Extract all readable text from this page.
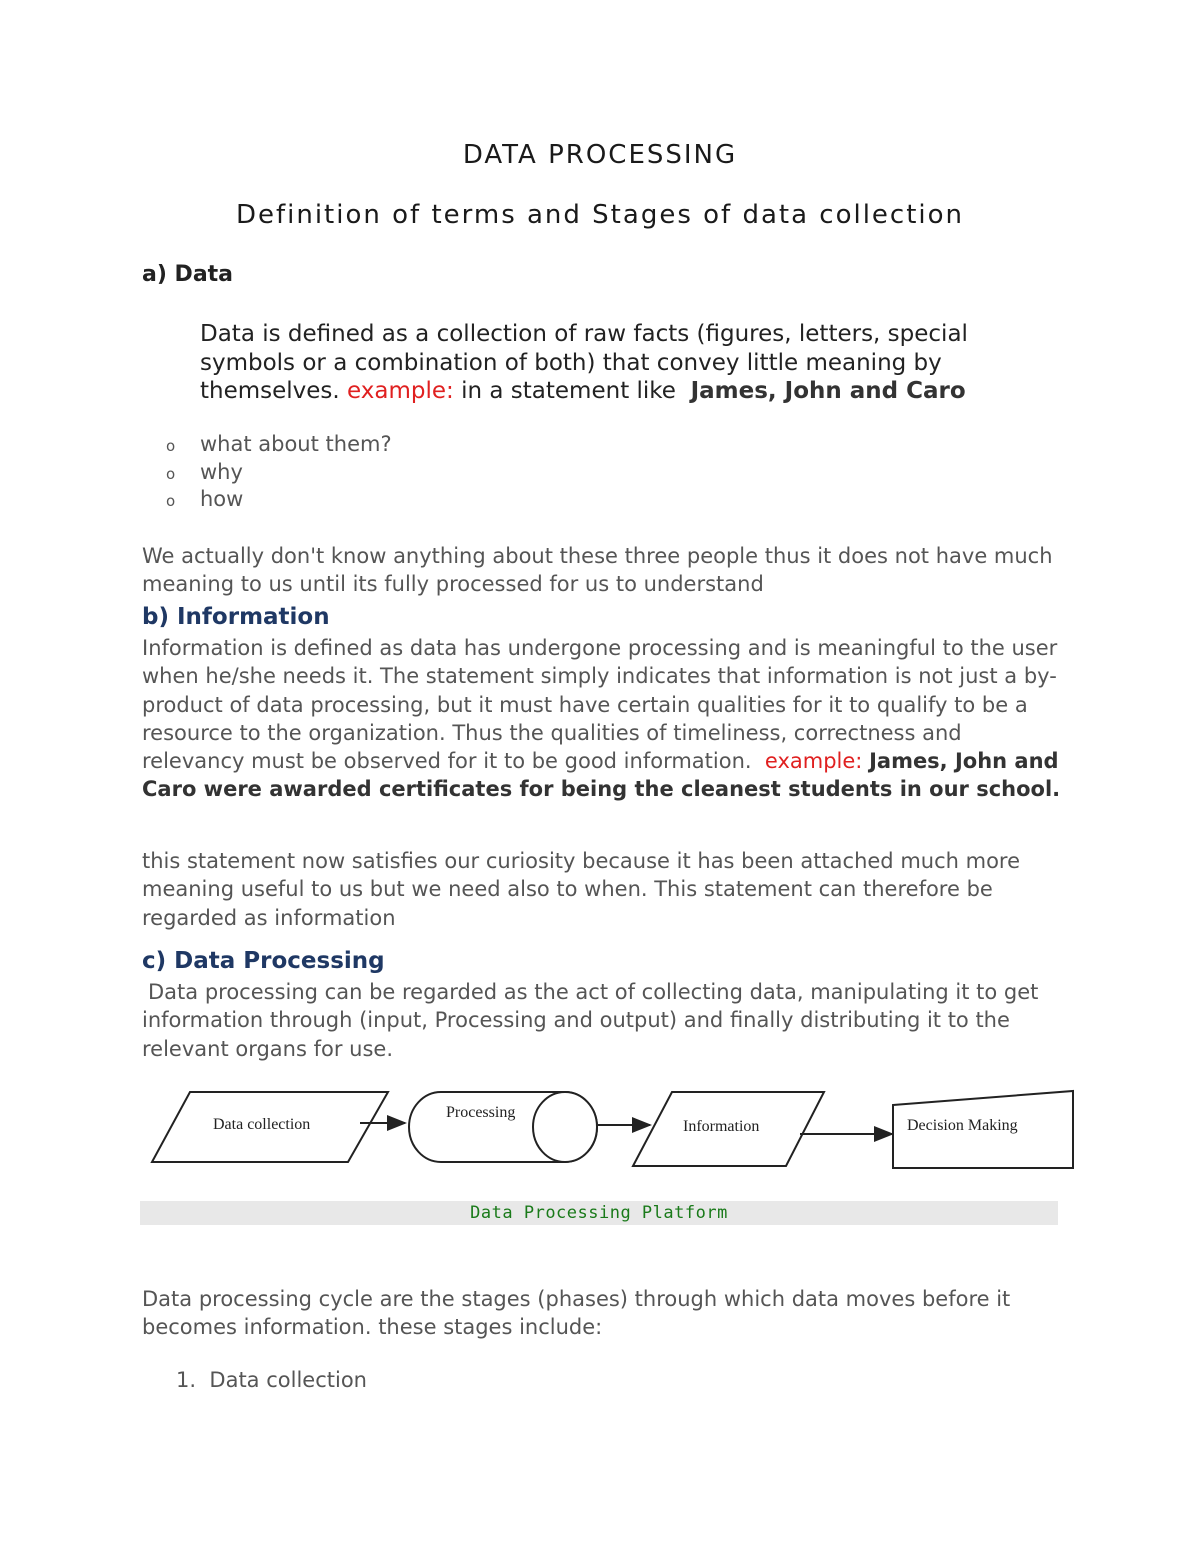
DATA PROCESSING
Definition of terms and Stages of data collection
a) Data
Data is defined as a collection of raw facts (figures, letters, special symbols or a combination of both) that convey little meaning by themselves. example: in a statement like James, John and Caro
o what about them?
o why
o how
We actually don't know anything about these three people thus it does not have much meaning to us until its fully processed for us to understand
b) Information
Information is defined as data has undergone processing and is meaningful to the user when he/she needs it. The statement simply indicates that information is not just a by-product of data processing, but it must have certain qualities for it to qualify to be a resource to the organization. Thus the qualities of timeliness, correctness and relevancy must be observed for it to be good information. example: James, John and Caro were awarded certificates for being the cleanest students in our school.
this statement now satisfies our curiosity because it has been attached much more meaning useful to us but we need also to when. This statement can therefore be regarded as information
c) Data Processing
Data processing can be regarded as the act of collecting data, manipulating it to get information through (input, Processing and output) and finally distributing it to the relevant organs for use.
Data collection
Processing
Information	Decision Making
Data Processing Platform
Data processing cycle are the stages (phases) through which data moves before it becomes information. these stages include:
1. Data collection
